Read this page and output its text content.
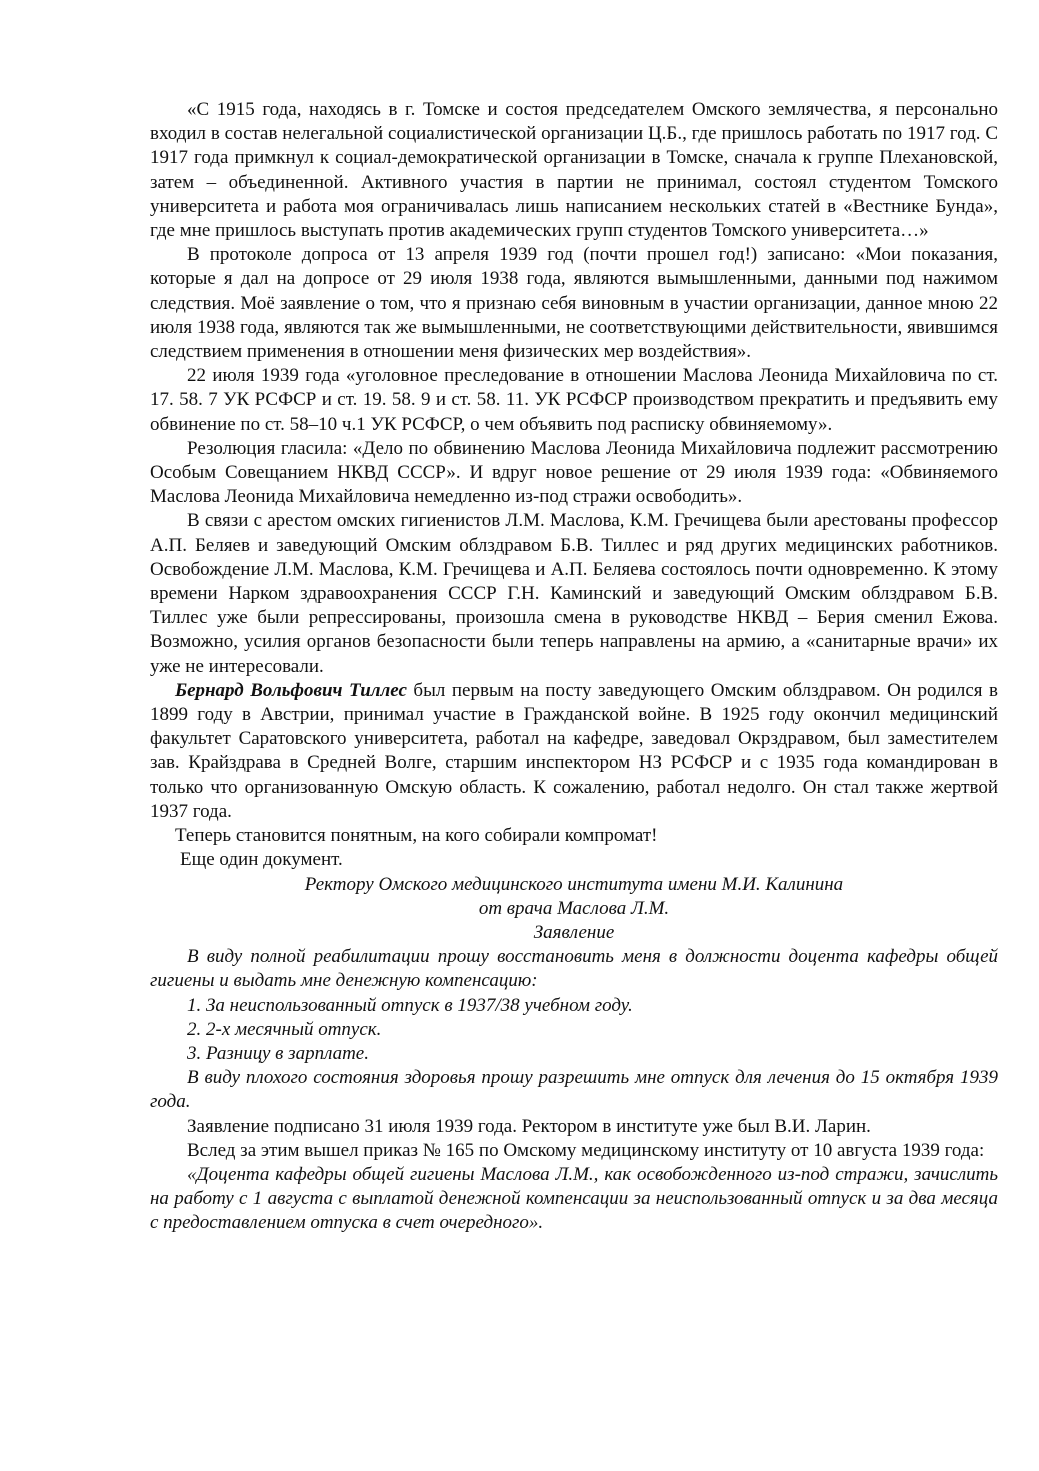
«С 1915 года, находясь в г. Томске и состоя председателем Омского землячества, я персонально входил в состав нелегальной социалистической организации Ц.Б., где пришлось работать по 1917 год. С 1917 года примкнул к социал-демократической организации в Томске, сначала к группе Плехановской, затем – объединенной. Активного участия в партии не принимал, состоял студентом Томского университета и работа моя ограничивалась лишь написанием нескольких статей в «Вестнике Бунда», где мне пришлось выступать против академических групп студентов Томского университета…»

В протоколе допроса от 13 апреля 1939 год (почти прошел год!) записано: «Мои показания, которые я дал на допросе от 29 июля 1938 года, являются вымышленными, данными под нажимом следствия. Моё заявление о том, что я признаю себя виновным в участии организации, данное мною 22 июля 1938 года, являются так же вымышленными, не соответствующими действительности, явившимся следствием применения в отношении меня физических мер воздействия».

22 июля 1939 года «уголовное преследование в отношении Маслова Леонида Михайловича по ст. 17. 58. 7 УК РСФСР и ст. 19. 58. 9 и ст. 58. 11. УК РСФСР производством прекратить и предъявить ему обвинение по ст. 58–10 ч.1 УК РСФСР, о чем объявить под расписку обвиняемому».

Резолюция гласила: «Дело по обвинению Маслова Леонида Михайловича подлежит рассмотрению Особым Совещанием НКВД СССР». И вдруг новое решение от 29 июля 1939 года: «Обвиняемого Маслова Леонида Михайловича немедленно из-под стражи освободить».

В связи с арестом омских гигиенистов Л.М. Маслова, К.М. Гречищева были арестованы профессор А.П. Беляев и заведующий Омским облздравом Б.В. Тиллес и ряд других медицинских работников. Освобождение Л.М. Маслова, К.М. Гречищева и А.П. Беляева состоялось почти одновременно. К этому времени Нарком здравоохранения СССР Г.Н. Каминский и заведующий Омским облздравом Б.В. Тиллес уже были репрессированы, произошла смена в руководстве НКВД – Берия сменил Ежова. Возможно, усилия органов безопасности были теперь направлены на армию, а «санитарные врачи» их уже не интересовали.

Бернард Вольфович Тиллес был первым на посту заведующего Омским облздравом. Он родился в 1899 году в Австрии, принимал участие в Гражданской войне. В 1925 году окончил медицинский факультет Саратовского университета, работал на кафедре, заведовал Окрздравом, был заместителем зав. Крайздрава в Средней Волге, старшим инспектором НЗ РСФСР и с 1935 года командирован в только что организованную Омскую область. К сожалению, работал недолго. Он стал также жертвой 1937 года.

Теперь становится понятным, на кого собирали компромат!

Еще один документ.

Ректору Омского медицинского института имени М.И. Калинина

от врача Маслова Л.М.

Заявление

В виду полной реабилитации прошу восстановить меня в должности доцента кафедры общей гигиены и выдать мне денежную компенсацию:

1. За неиспользованный отпуск в 1937/38 учебном году.

2. 2-х месячный отпуск.

3. Разницу в зарплате.

В виду плохого состояния здоровья прошу разрешить мне отпуск для лечения до 15 октября 1939 года.

Заявление подписано 31 июля 1939 года. Ректором в институте уже был В.И. Ларин.

Вслед за этим вышел приказ № 165 по Омскому медицинскому институту от 10 августа 1939 года:

«Доцента кафедры общей гигиены Маслова Л.М., как освобожденного из-под стражи, зачислить на работу с 1 августа с выплатой денежной компенсации за неиспользованный отпуск и за два месяца с предоставлением отпуска в счет очередного».
